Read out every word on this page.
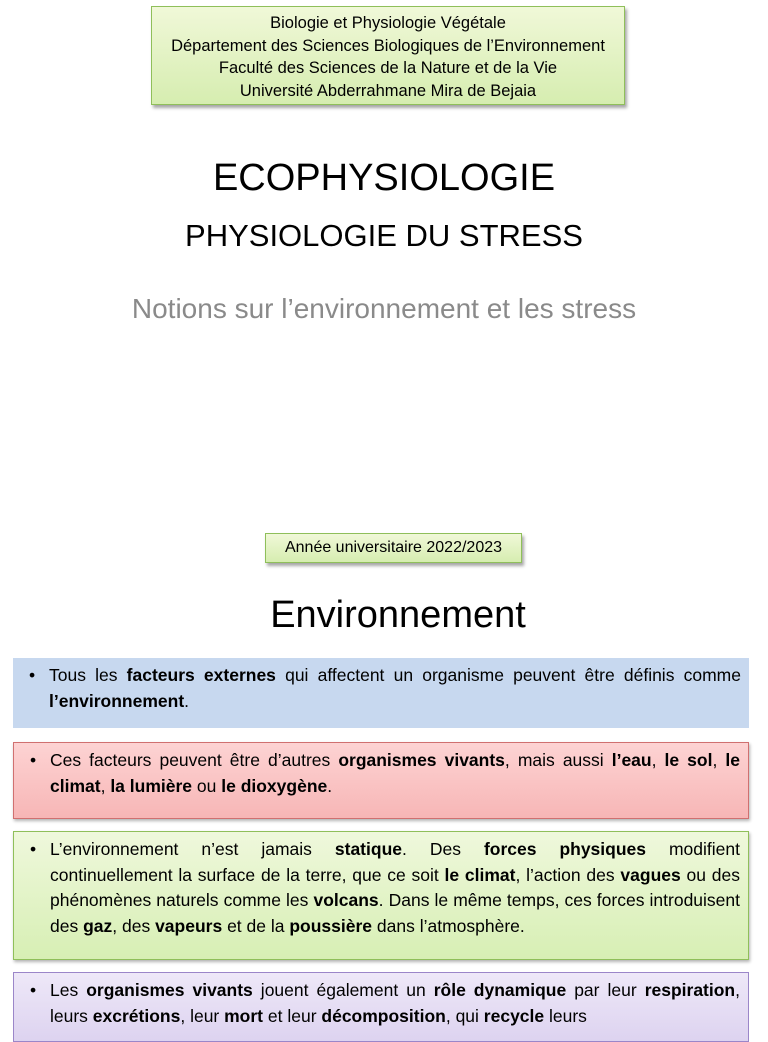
Biologie et Physiologie Végétale
Département des Sciences Biologiques de l’Environnement
Faculté des Sciences de la Nature et de la Vie
Université Abderrahmane Mira de Bejaia
ECOPHYSIOLOGIE
PHYSIOLOGIE DU STRESS
Notions sur l’environnement et les stress
Année universitaire 2022/2023
Environnement
• Tous les facteurs externes qui affectent un organisme peuvent être définis comme l’environnement.
• Ces facteurs peuvent être d’autres organismes vivants, mais aussi l’eau, le sol, le climat, la lumière ou le dioxygène.
• L’environnement n’est jamais statique. Des forces physiques modifient continuellement la surface de la terre, que ce soit le climat, l’action des vagues ou des phénomènes naturels comme les volcans. Dans le même temps, ces forces introduisent des gaz, des vapeurs et de la poussière dans l’atmosphère.
• Les organismes vivants jouent également un rôle dynamique par leur respiration, leurs excrétions, leur mort et leur décomposition, qui recycle leurs
